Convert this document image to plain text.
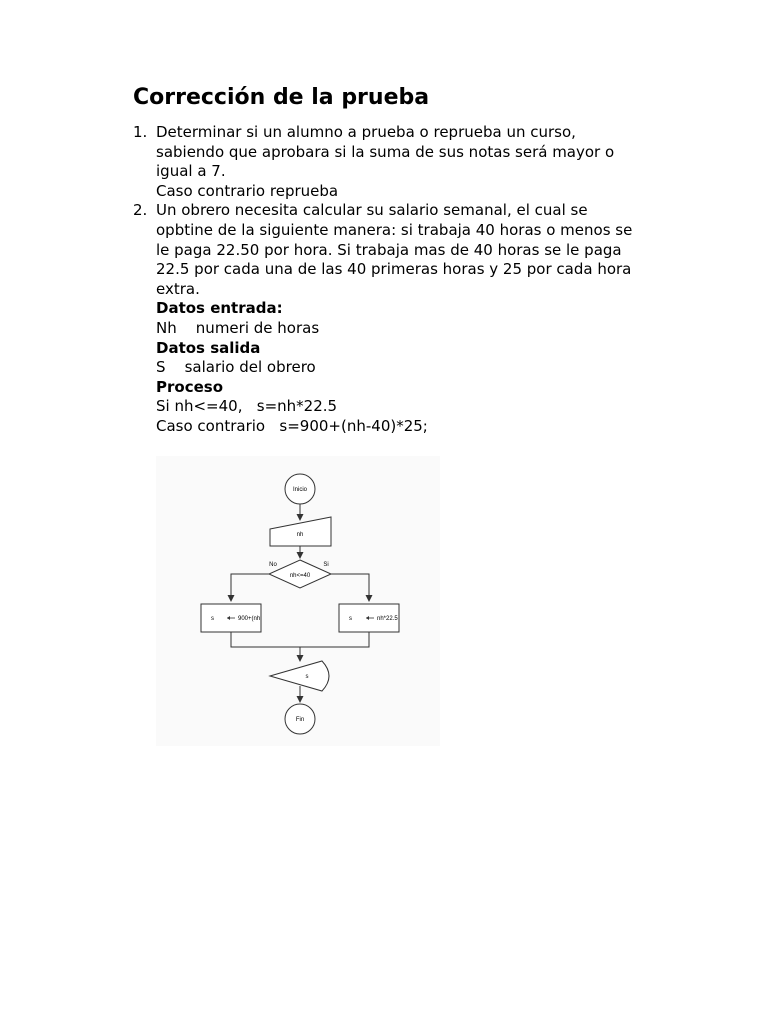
Corrección de la prueba
1. Determinar si un alumno a prueba o reprueba un curso,
sabiendo que aprobara si la suma de sus notas será mayor o
igual a 7.
Caso contrario reprueba
2. Un obrero necesita calcular su salario semanal, el cual se
opbtine de la siguiente manera: si trabaja 40 horas o menos se
le paga 22.50 por hora. Si trabaja mas de 40 horas se le paga
22.5 por cada una de las 40 primeras horas y 25 por cada hora
extra.
Datos entrada:
Nh    numeri de horas
Datos salida
S    salario del obrero
Proceso
Si nh<=40,   s=nh*22.5
Caso contrario   s=900+(nh-40)*25;
Inicio
nh
nh<=40
No	Si
s	900+(nh	s	nh*22.5
s
Fin
